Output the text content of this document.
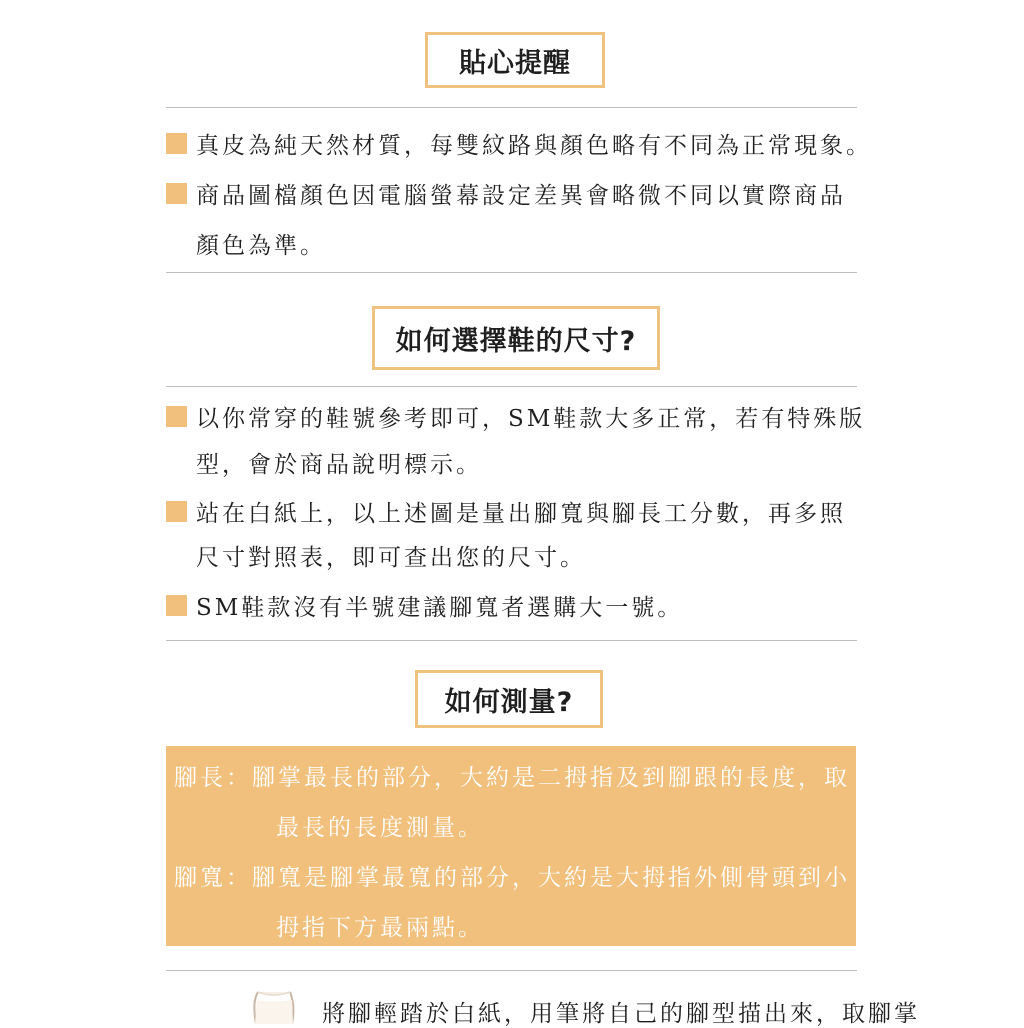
貼心提醒
真皮為純天然材質，每雙紋路與顏色略有不同為正常現象。
商品圖檔顏色因電腦螢幕設定差異會略微不同以實際商品
顏色為準。
如何選擇鞋的尺寸?
以你常穿的鞋號參考即可，SM鞋款大多正常，若有特殊版
型，會於商品說明標示。
站在白紙上，以上述圖是量出腳寬與腳長工分數，再多照
尺寸對照表，即可查出您的尺寸。
SM鞋款沒有半號建議腳寬者選購大一號。
如何測量?
腳長： 腳掌最長的部分，大約是二拇指及到腳跟的長度，取
最長的長度測量。
腳寬： 腳寬是腳掌最寬的部分，大約是大拇指外側骨頭到小
拇指下方最兩點。
將腳輕踏於白紙，用筆將自己的腳型描出來，取腳掌
